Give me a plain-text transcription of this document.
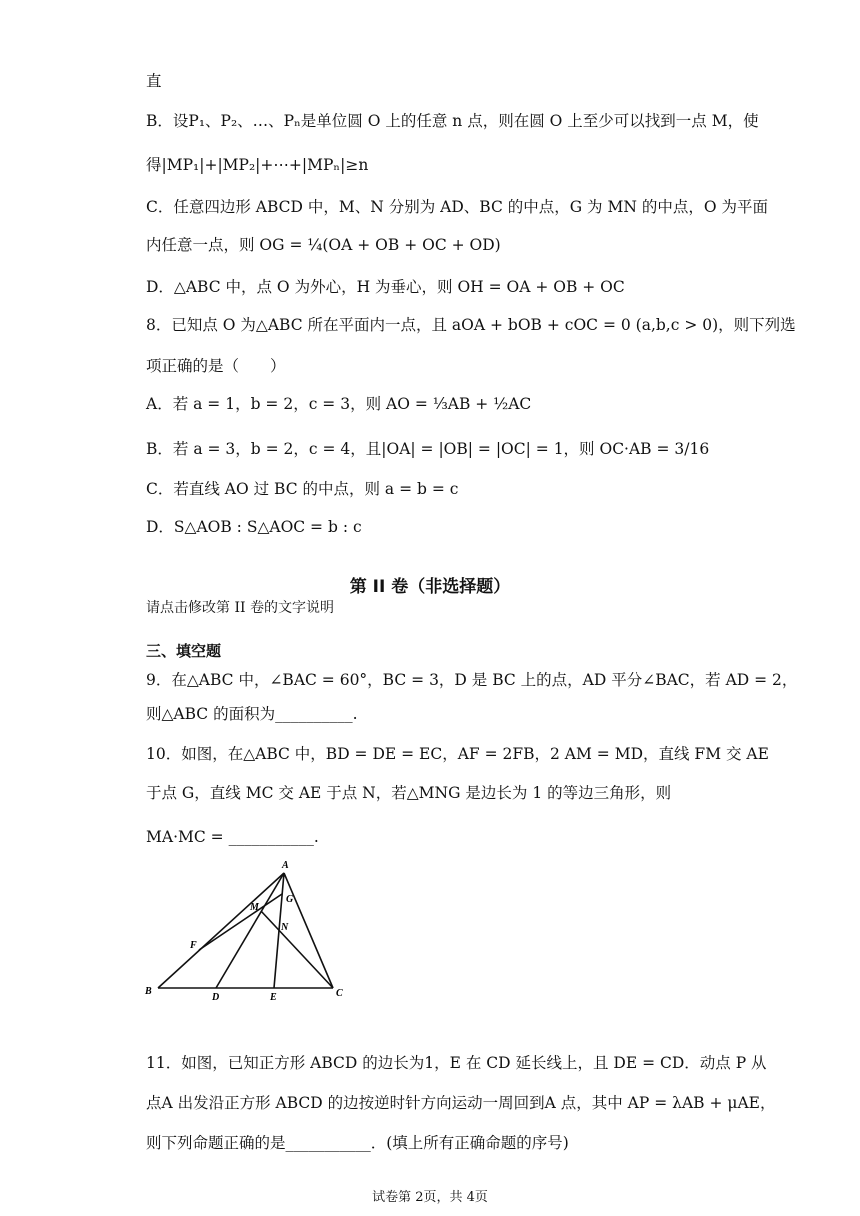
直
B．设P₁、P₂、…、Pₙ是单位圆 O 上的任意 n 点，则在圆 O 上至少可以找到一点 M，使
得|MP₁|+|MP₂|+⋯+|MPₙ|≥n
C．任意四边形 ABCD 中，M、N 分别为 AD、BC 的中点，G 为 MN 的中点，O 为平面
内任意一点，则 OG = ¼(OA + OB + OC + OD)
D．△ABC 中，点 O 为外心，H 为垂心，则 OH = OA + OB + OC
8．已知点 O 为△ABC 所在平面内一点，且 aOA + bOB + cOC = 0 (a,b,c > 0)，则下列选
项正确的是（　　）
A．若 a = 1，b = 2，c = 3，则 AO = ⅓AB + ½AC
B．若 a = 3，b = 2，c = 4，且|OA| = |OB| = |OC| = 1，则 OC·AB = 3/16
C．若直线 AO 过 BC 的中点，则 a = b = c
D．S△AOB : S△AOC = b : c
第 II 卷（非选择题）
请点击修改第 II 卷的文字说明
三、填空题
9．在△ABC 中，∠BAC = 60°，BC = 3，D 是 BC 上的点，AD 平分∠BAC，若 AD = 2，
则△ABC 的面积为__________.
10．如图，在△ABC 中，BD = DE = EC，AF = 2FB，2 AM = MD，直线 FM 交 AE
于点 G，直线 MC 交 AE 于点 N，若△MNG 是边长为 1 的等边三角形，则
MA·MC = ___________.
A
B	C
D	E
F
G
M
N
11．如图，已知正方形 ABCD 的边长为1，E 在 CD 延长线上，且 DE = CD．动点 P 从
点A 出发沿正方形 ABCD 的边按逆时针方向运动一周回到A 点，其中 AP = λAB + μAE，
则下列命题正确的是___________．(填上所有正确命题的序号)
试卷第 2页，共 4页
